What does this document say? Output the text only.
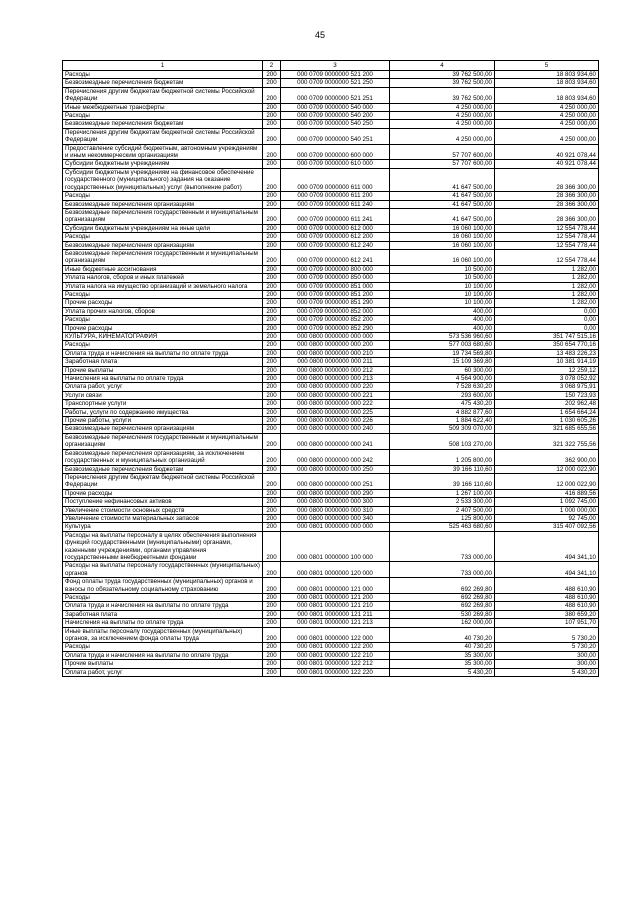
45
1	2	3	4	5
Расходы	200	000 0709 0000000 521 200	39 762 500,00	18 803 934,60
Безвозмездные перечисления бюджетам	200	000 0709 0000000 521 250	39 762 500,00	18 803 934,60
Перечисления другим бюджетам бюджетной системы Российской Федерации	200	000 0709 0000000 521 251	39 762 500,00	18 803 934,60
Иные межбюджетные трансферты	200	000 0709 0000000 540 000	4 250 000,00	4 250 000,00
Расходы	200	000 0709 0000000 540 200	4 250 000,00	4 250 000,00
Безвозмездные перечисления бюджетам	200	000 0709 0000000 540 250	4 250 000,00	4 250 000,00
Перечисления другим бюджетам бюджетной системы Российской Федерации	200	000 0709 0000000 540 251	4 250 000,00	4 250 000,00
Предоставление субсидий бюджетным, автономным учреждениям и иным некоммерческим организациям	200	000 0709 0000000 600 000	57 707 600,00	40 921 078,44
Субсидии бюджетным учреждениям	200	000 0709 0000000 610 000	57 707 600,00	40 921 078,44
Субсидии бюджетным учреждениям на финансовое обеспечение государственного (муниципального) задания на оказание государственных (муниципальных) услуг (выполнение работ)	200	000 0709 0000000 611 000	41 647 500,00	28 366 300,00
Расходы	200	000 0709 0000000 611 200	41 647 500,00	28 366 300,00
Безвозмездные перечисления организациям	200	000 0709 0000000 611 240	41 647 500,00	28 366 300,00
Безвозмездные перечисления государственным и муниципальным организациям	200	000 0709 0000000 611 241	41 647 500,00	28 366 300,00
Субсидии бюджетным учреждениям на иные цели	200	000 0709 0000000 612 000	16 060 100,00	12 554 778,44
Расходы	200	000 0709 0000000 612 200	16 060 100,00	12 554 778,44
Безвозмездные перечисления организациям	200	000 0709 0000000 612 240	16 060 100,00	12 554 778,44
Безвозмездные перечисления государственным и муниципальным организациям	200	000 0709 0000000 612 241	16 060 100,00	12 554 778,44
Иные бюджетные ассигнования	200	000 0709 0000000 800 000	10 500,00	1 282,00
Уплата налогов, сборов и иных платежей	200	000 0709 0000000 850 000	10 500,00	1 282,00
Уплата налога на имущество организаций и земельного налога	200	000 0709 0000000 851 000	10 100,00	1 282,00
Расходы	200	000 0709 0000000 851 200	10 100,00	1 282,00
Прочие расходы	200	000 0709 0000000 851 290	10 100,00	1 282,00
Уплата прочих налогов, сборов	200	000 0709 0000000 852 000	400,00	0,00
Расходы	200	000 0709 0000000 852 200	400,00	0,00
Прочие расходы	200	000 0709 0000000 852 290	400,00	0,00
КУЛЬТУРА, КИНЕМАТОГРАФИЯ	200	000 0800 0000000 000 000	573 536 960,60	351 747 515,16
Расходы	200	000 0800 0000000 000 200	577 003 680,60	350 654 770,16
Оплата труда и начисления на выплаты по оплате труда	200	000 0800 0000000 000 210	19 734 569,80	13 483 226,23
Заработная плата	200	000 0800 0000000 000 211	15 109 369,80	10 381 914,19
Прочие выплаты	200	000 0800 0000000 000 212	60 300,00	12 259,12
Начисления на выплаты по оплате труда	200	000 0800 0000000 000 213	4 564 900,00	3 078 052,92
Оплата работ, услуг	200	000 0800 0000000 000 220	7 528 630,20	3 068 975,91
Услуги связи	200	000 0800 0000000 000 221	293 600,00	150 723,93
Транспортные услуги	200	000 0800 0000000 000 222	475 430,20	202 962,48
Работы, услуги по содержанию имущества	200	000 0800 0000000 000 225	4 882 877,60	1 654 664,24
Прочие работы, услуги	200	000 0800 0000000 000 226	1 884 622,40	1 030 605,26
Безвозмездные перечисления организациям	200	000 0800 0000000 000 240	509 309 070,00	321 685 655,56
Безвозмездные перечисления государственным и муниципальным организациям	200	000 0800 0000000 000 241	508 103 270,00	321 322 755,56
Безвозмездные перечисления организациям, за исключением государственных и муниципальных организаций	200	000 0800 0000000 000 242	1 205 800,00	362 900,00
Безвозмездные перечисления бюджетам	200	000 0800 0000000 000 250	39 166 110,60	12 000 022,90
Перечисления другим бюджетам бюджетной системы Российской Федерации	200	000 0800 0000000 000 251	39 166 110,60	12 000 022,90
Прочие расходы	200	000 0800 0000000 000 290	1 267 100,00	416 889,56
Поступление нефинансовых активов	200	000 0800 0000000 000 300	2 533 300,00	1 092 745,00
Увеличение стоимости основных средств	200	000 0800 0000000 000 310	2 407 500,00	1 000 000,00
Увеличение стоимости материальных запасов	200	000 0800 0000000 000 340	125 800,00	92 745,00
Культура	200	000 0801 0000000 000 000	525 463 680,60	315 407 092,56
Расходы на выплаты персоналу в целях обеспечения выполнения функций государственными (муниципальными) органами, казенными учреждениями, органами управления государственными внебюджетными фондами	200	000 0801 0000000 100 000	733 000,00	494 341,10
Расходы на выплаты персоналу государственных (муниципальных) органов	200	000 0801 0000000 120 000	733 000,00	494 341,10
Фонд оплаты труда государственных (муниципальных) органов и взносы по обязательному социальному страхованию	200	000 0801 0000000 121 000	692 269,80	488 610,90
Расходы	200	000 0801 0000000 121 200	692 269,80	488 610,90
Оплата труда и начисления на выплаты по оплате труда	200	000 0801 0000000 121 210	692 269,80	488 610,90
Заработная плата	200	000 0801 0000000 121 211	530 269,80	380 659,20
Начисления на выплаты по оплате труда	200	000 0801 0000000 121 213	162 000,00	107 951,70
Иные выплаты персоналу государственных (муниципальных) органов, за исключением фонда оплаты труда	200	000 0801 0000000 122 000	40 730,20	5 730,20
Расходы	200	000 0801 0000000 122 200	40 730,20	5 730,20
Оплата труда и начисления на выплаты по оплате труда	200	000 0801 0000000 122 210	35 300,00	300,00
Прочие выплаты	200	000 0801 0000000 122 212	35 300,00	300,00
Оплата работ, услуг	200	000 0801 0000000 122 220	5 430,20	5 430,20
